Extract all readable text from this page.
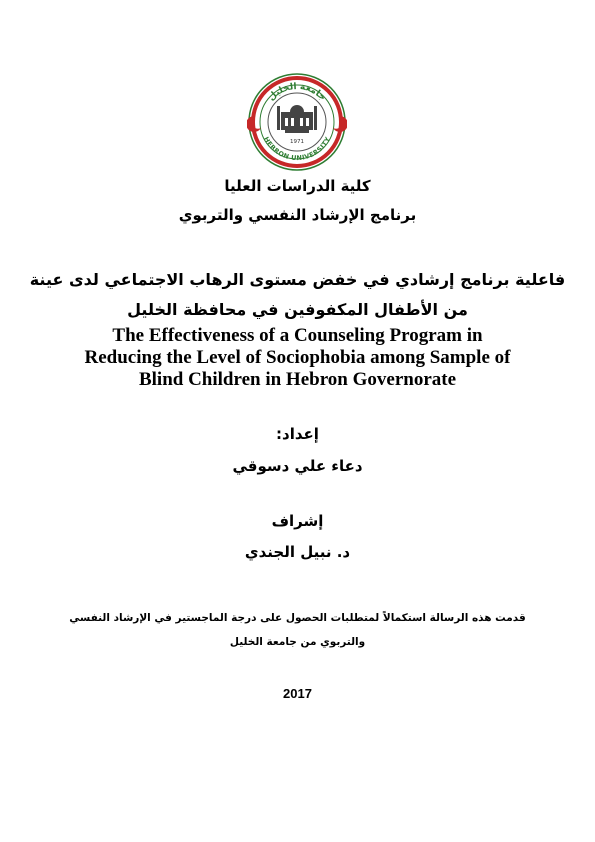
1971
HEBRON UNIVERSITY
جامعة الخليل
كلية الدراسات العليا
برنامج الإرشاد النفسي والتربوي
فاعلية برنامج إرشادي في خفض مستوى الرهاب الاجتماعي لدى عينة
من الأطفال المكفوفين في محافظة الخليل
The Effectiveness of a Counseling Program in
Reducing the Level of Sociophobia among Sample of
Blind Children in Hebron Governorate
إعداد:
دعاء علي دسوقي
إشراف
د. نبيل الجندي
قدمت هذه الرسالة استكمالاً لمتطلبات الحصول على درجة الماجستير في الإرشاد النفسي
والتربوي من جامعة الخليل
2017
